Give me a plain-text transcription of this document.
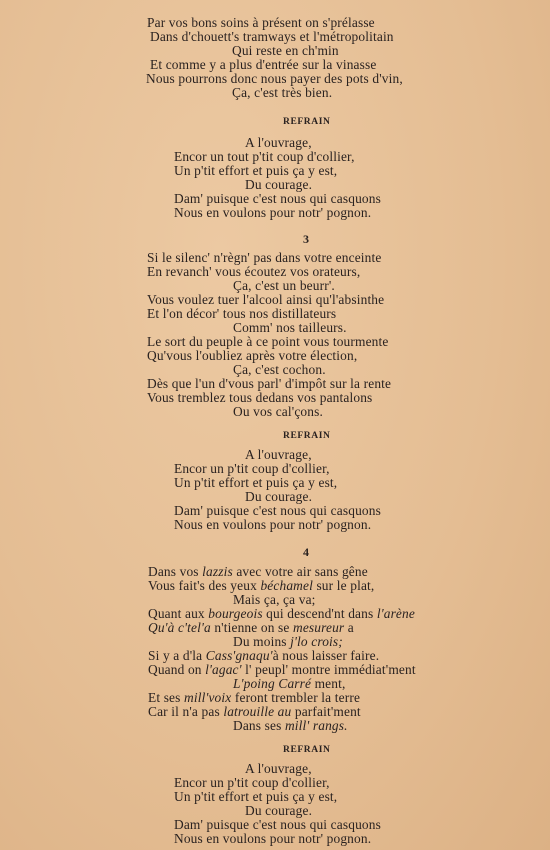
Par vos bons soins à présent on s'prélasse
Dans d'chouett's tramways et l'métropolitain
Qui reste en ch'min
Et comme y a plus d'entrée sur la vinasse
Nous pourrons donc nous payer des pots d'vin,
Ça, c'est très bien.
REFRAIN
A l'ouvrage,
Encor un tout p'tit coup d'collier,
Un p'tit effort et puis ça y est,
Du courage.
Dam' puisque c'est nous qui casquons
Nous en voulons pour notr' pognon.
3
Si le silenc' n'règn' pas dans votre enceinte
En revanch' vous écoutez vos orateurs,
Ça, c'est un beurr'.
Vous voulez tuer l'alcool ainsi qu'l'absinthe
Et l'on décor' tous nos distillateurs
Comm' nos tailleurs.
Le sort du peuple à ce point vous tourmente
Qu'vous l'oubliez après votre élection,
Ça, c'est cochon.
Dès que l'un d'vous parl' d'impôt sur la rente
Vous tremblez tous dedans vos pantalons
Ou vos cal'çons.
REFRAIN
A l'ouvrage,
Encor un p'tit coup d'collier,
Un p'tit effort et puis ça y est,
Du courage.
Dam' puisque c'est nous qui casquons
Nous en voulons pour notr' pognon.
4
Dans vos lazzis avec votre air sans gêne
Vous fait's des yeux béchamel sur le plat,
Mais ça, ça va;
Quant aux bourgeois qui descend'nt dans l'arène
Qu'à c'tel'a n'tienne on se mesureur a
Du moins j'lo crois;
Si y a d'la Cass'gnaqu'à nous laisser faire.
Quand on l'agac' l' peupl' montre immédiat'ment
L'poing Carré ment,
Et ses mill'voix feront trembler la terre
Car il n'a pas latrouille au parfait'ment
Dans ses mill' rangs.
REFRAIN
A l'ouvrage,
Encor un p'tit coup d'collier,
Un p'tit effort et puis ça y est,
Du courage.
Dam' puisque c'est nous qui casquons
Nous en voulons pour notr' pognon.
